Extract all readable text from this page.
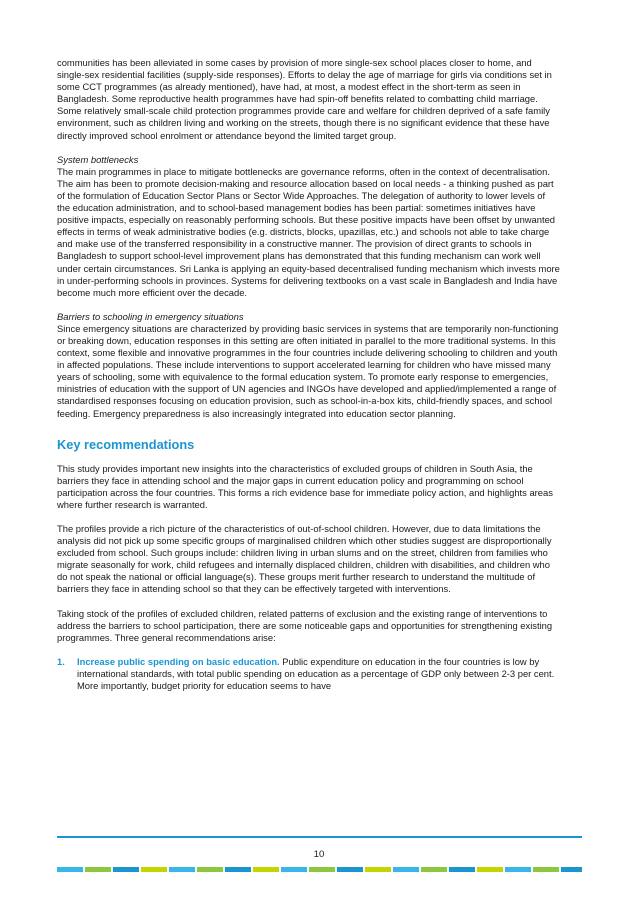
communities has been alleviated in some cases by provision of more single-sex school places closer to home, and single-sex residential facilities (supply-side responses). Efforts to delay the age of marriage for girls via conditions set in some CCT programmes (as already mentioned), have had, at most, a modest effect in the short-term as seen in Bangladesh. Some reproductive health programmes have had spin-off benefits related to combatting child marriage. Some relatively small-scale child protection programmes provide care and welfare for children deprived of a safe family environment, such as children living and working on the streets, though there is no significant evidence that these have directly improved school enrolment or attendance beyond the limited target group.

System bottlenecks
The main programmes in place to mitigate bottlenecks are governance reforms, often in the context of decentralisation. The aim has been to promote decision-making and resource allocation based on local needs - a thinking pushed as part of the formulation of Education Sector Plans or Sector Wide Approaches. The delegation of authority to lower levels of the education administration, and to school-based management bodies has been partial: sometimes initiatives have positive impacts, especially on reasonably performing schools. But these positive impacts have been offset by unwanted effects in terms of weak administrative bodies (e.g. districts, blocks, upazillas, etc.) and schools not able to take charge and make use of the transferred responsibility in a constructive manner. The provision of direct grants to schools in Bangladesh to support school-level improvement plans has demonstrated that this funding mechanism can work well under certain circumstances. Sri Lanka is applying an equity-based decentralised funding mechanism which invests more in under-performing schools in provinces. Systems for delivering textbooks on a vast scale in Bangladesh and India have become much more efficient over the decade.

Barriers to schooling in emergency situations
Since emergency situations are characterized by providing basic services in systems that are temporarily non-functioning or breaking down, education responses in this setting are often initiated in parallel to the more traditional systems. In this context, some flexible and innovative programmes in the four countries include delivering schooling to children and youth in affected populations. These include interventions to support accelerated learning for children who have missed many years of schooling, some with equivalence to the formal education system. To promote early response to emergencies, ministries of education with the support of UN agencies and INGOs have developed and applied/implemented a range of standardised responses focusing on education provision, such as school-in-a-box kits, child-friendly spaces, and school feeding. Emergency preparedness is also increasingly integrated into education sector planning.

Key recommendations

This study provides important new insights into the characteristics of excluded groups of children in South Asia, the barriers they face in attending school and the major gaps in current education policy and programming on school participation across the four countries. This forms a rich evidence base for immediate policy action, and highlights areas where further research is warranted.

The profiles provide a rich picture of the characteristics of out-of-school children. However, due to data limitations the analysis did not pick up some specific groups of marginalised children which other studies suggest are disproportionally excluded from school. Such groups include: children living in urban slums and on the street, children from families who migrate seasonally for work, child refugees and internally displaced children, children with disabilities, and children who do not speak the national or official language(s). These groups merit further research to understand the multitude of barriers they face in attending school so that they can be effectively targeted with interventions.

Taking stock of the profiles of excluded children, related patterns of exclusion and the existing range of interventions to address the barriers to school participation, there are some noticeable gaps and opportunities for strengthening existing programmes. Three general recommendations arise:

1. Increase public spending on basic education. Public expenditure on education in the four countries is low by international standards, with total public spending on education as a percentage of GDP only between 2-3 per cent. More importantly, budget priority for education seems to have
10
